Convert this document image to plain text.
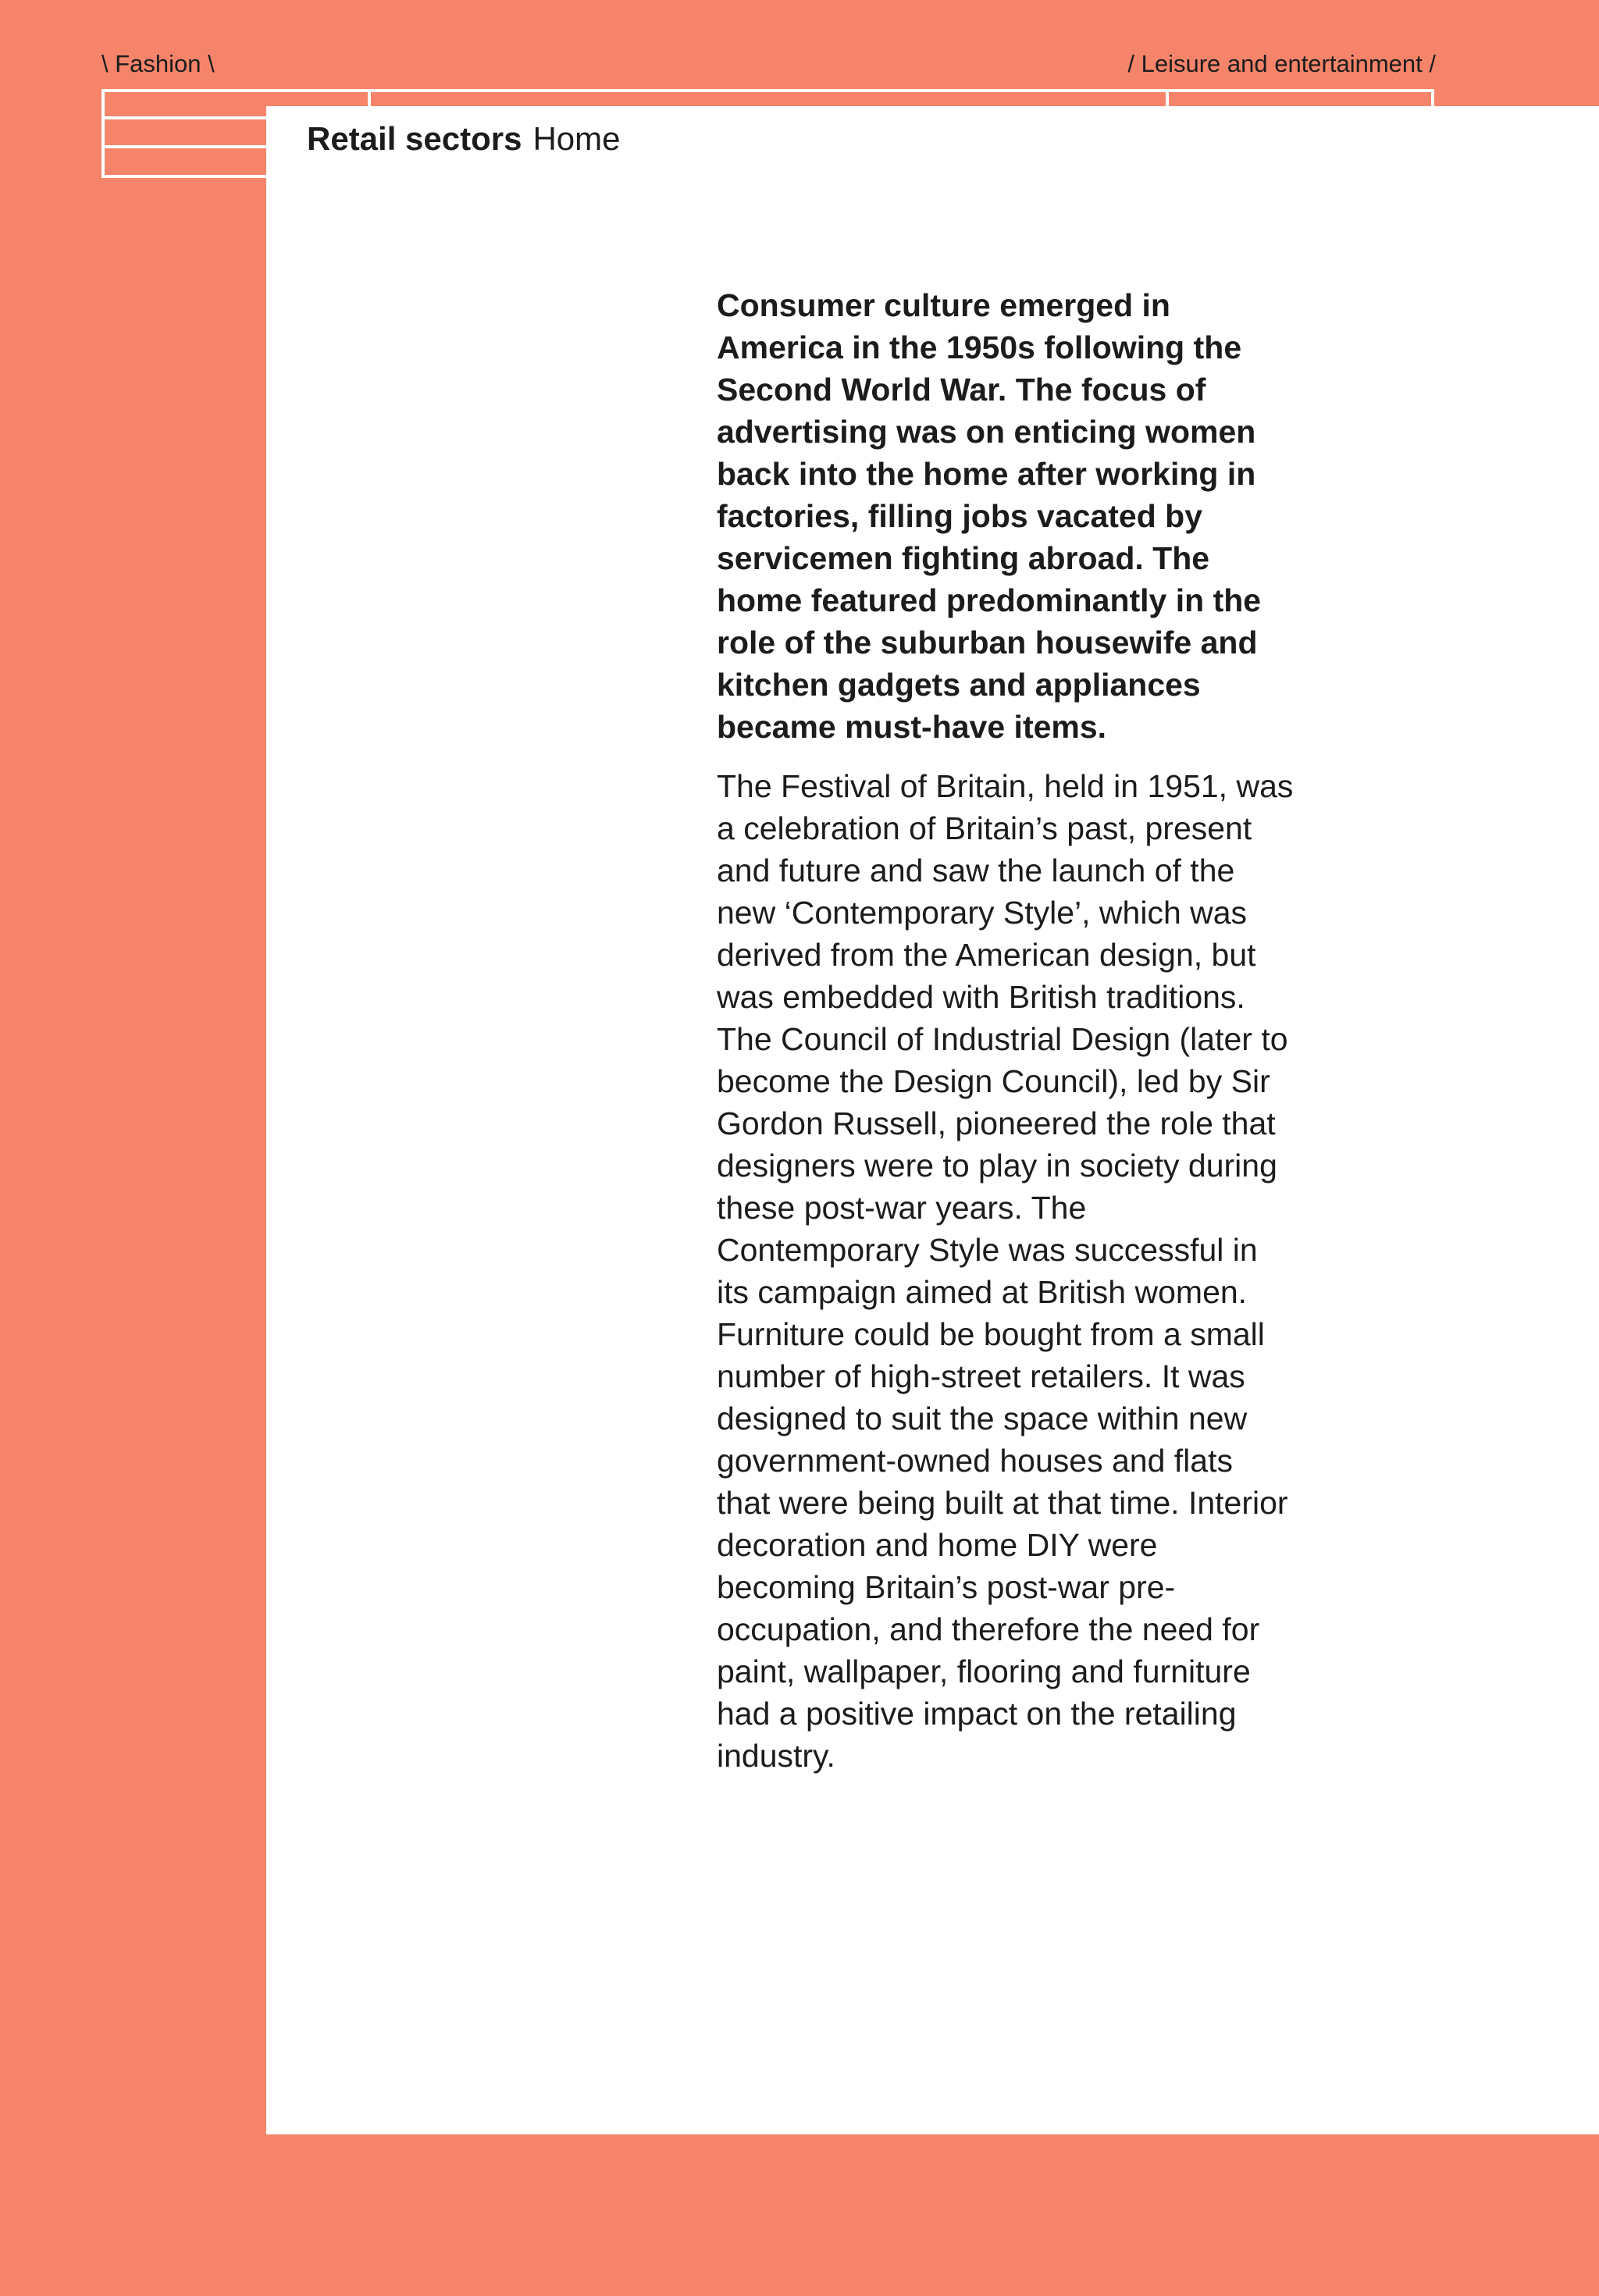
\ Fashion \	/ Leisure and entertainment /
Retail sectors Home

Consumer culture emerged in America in the 1950s following the Second World War. The focus of advertising was on enticing women back into the home after working in factories, filling jobs vacated by servicemen fighting abroad. The home featured predominantly in the role of the suburban housewife and kitchen gadgets and appliances became must-have items.

The Festival of Britain, held in 1951, was a celebration of Britain’s past, present and future and saw the launch of the new ‘Contemporary Style’, which was derived from the American design, but was embedded with British traditions. The Council of Industrial Design (later to become the Design Council), led by Sir Gordon Russell, pioneered the role that designers were to play in society during these post-war years. The Contemporary Style was successful in its campaign aimed at British women. Furniture could be bought from a small number of high-street retailers. It was designed to suit the space within new government-owned houses and flats that were being built at that time. Interior decoration and home DIY were becoming Britain’s post-war pre-occupation, and therefore the need for paint, wallpaper, flooring and furniture had a positive impact on the retailing industry.
